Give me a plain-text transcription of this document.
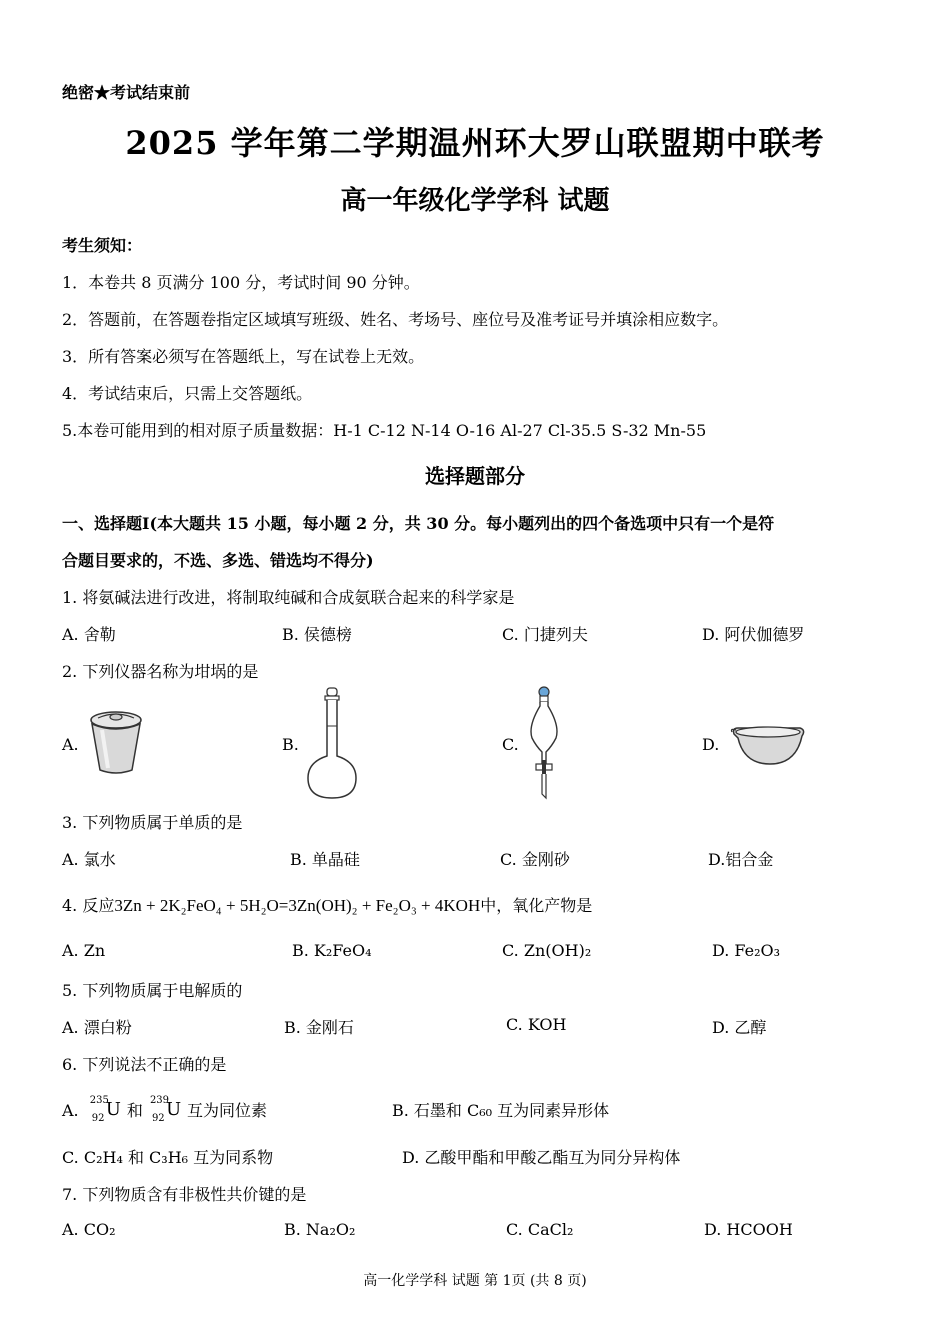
绝密★考试结束前
2025 学年第二学期温州环大罗山联盟期中联考
高一年级化学学科 试题
考生须知：
1．本卷共 8 页满分 100 分，考试时间 90 分钟。
2．答题前，在答题卷指定区域填写班级、姓名、考场号、座位号及准考证号并填涂相应数字。
3．所有答案必须写在答题纸上，写在试卷上无效。
4．考试结束后，只需上交答题纸。
5.本卷可能用到的相对原子质量数据：H-1 C-12 N-14 O-16 Al-27 Cl-35.5 S-32 Mn-55
选择题部分
一、选择题Ⅰ(本大题共 15 小题，每小题 2 分，共 30 分。每小题列出的四个备选项中只有一个是符
合题目要求的，不选、多选、错选均不得分)
1. 将氨碱法进行改进，将制取纯碱和合成氨联合起来的科学家是
A. 舍勒	B. 侯德榜	C. 门捷列夫	D. 阿伏伽德罗
2. 下列仪器名称为坩埚的是
A.	B.	C.	D.
3. 下列物质属于单质的是
A. 氯水	B. 单晶硅	C. 金刚砂	D.铝合金
4. 反应3Zn + 2K₂FeO₄ + 5H₂O=3Zn(OH)₂ + Fe₂O₃ + 4KOH中，氧化产物是
A. Zn	B. K₂FeO₄	C. Zn(OH)₂	D. Fe₂O₃
5. 下列物质属于电解质的
A. 漂白粉	B. 金刚石	C. KOH	D. 乙醇
6. 下列说法不正确的是
A.
235
92 U 和
239
92 U 互为同位素	B. 石墨和 C₆₀ 互为同素异形体
C. C₂H₄ 和 C₃H₆ 互为同系物	D. 乙酸甲酯和甲酸乙酯互为同分异构体
7. 下列物质含有非极性共价键的是
A. CO₂	B. Na₂O₂	C. CaCl₂	D. HCOOH
高一化学学科 试题 第 1页 (共 8 页)
